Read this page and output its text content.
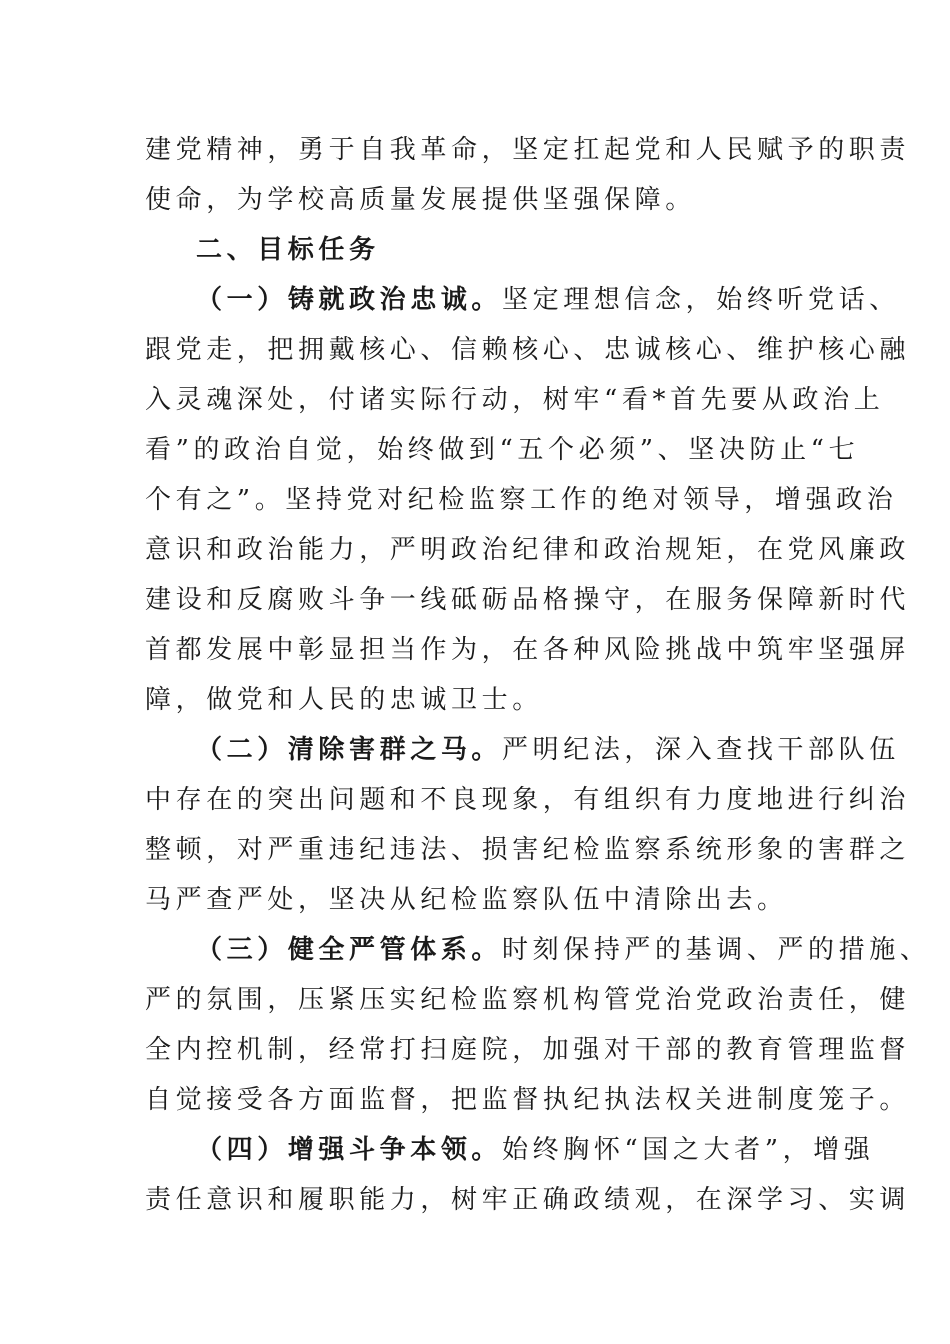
建党精神，勇于自我革命，坚定扛起党和人民赋予的职责
使命，为学校高质量发展提供坚强保障。
二、目标任务
（一）铸就政治忠诚。坚定理想信念，始终听党话、
跟党走，把拥戴核心、信赖核心、忠诚核心、维护核心融
入灵魂深处，付诸实际行动，树牢“看*首先要从政治上
看”的政治自觉，始终做到“五个必须”、坚决防止“七
个有之”。坚持党对纪检监察工作的绝对领导，增强政治
意识和政治能力，严明政治纪律和政治规矩，在党风廉政
建设和反腐败斗争一线砥砺品格操守，在服务保障新时代
首都发展中彰显担当作为，在各种风险挑战中筑牢坚强屏
障，做党和人民的忠诚卫士。
（二）清除害群之马。严明纪法，深入查找干部队伍
中存在的突出问题和不良现象，有组织有力度地进行纠治
整顿，对严重违纪违法、损害纪检监察系统形象的害群之
马严查严处，坚决从纪检监察队伍中清除出去。
（三）健全严管体系。时刻保持严的基调、严的措施、
严的氛围，压紧压实纪检监察机构管党治党政治责任，健
全内控机制，经常打扫庭院，加强对干部的教育管理监督
自觉接受各方面监督，把监督执纪执法权关进制度笼子。
（四）增强斗争本领。始终胸怀“国之大者”，增强
责任意识和履职能力，树牢正确政绩观，在深学习、实调
